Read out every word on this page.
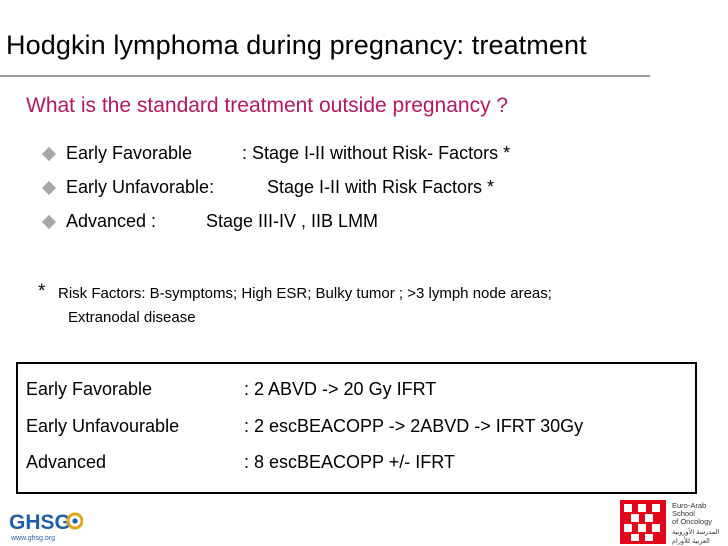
Hodgkin lymphoma during pregnancy: treatment
What is the standard treatment outside pregnancy ?
Early Favorable	: Stage I-II without Risk- Factors *
Early Unfavorable:	Stage I-II with Risk Factors *
Advanced :	Stage III-IV , IIB LMM
* Risk Factors: B-symptoms; High ESR; Bulky tumor ; >3 lymph node areas;
Extranodal disease
Early Favorable	: 2 ABVD -> 20 Gy IFRT
Early Unfavourable	: 2 escBEACOPP -> 2ABVD -> IFRT 30Gy
Advanced	: 8 escBEACOPP +/- IFRT
GHSG
www.ghsg.org
Euro-Arab
School
of Oncology
المدرسة الأوروبية
العربية للأورام
